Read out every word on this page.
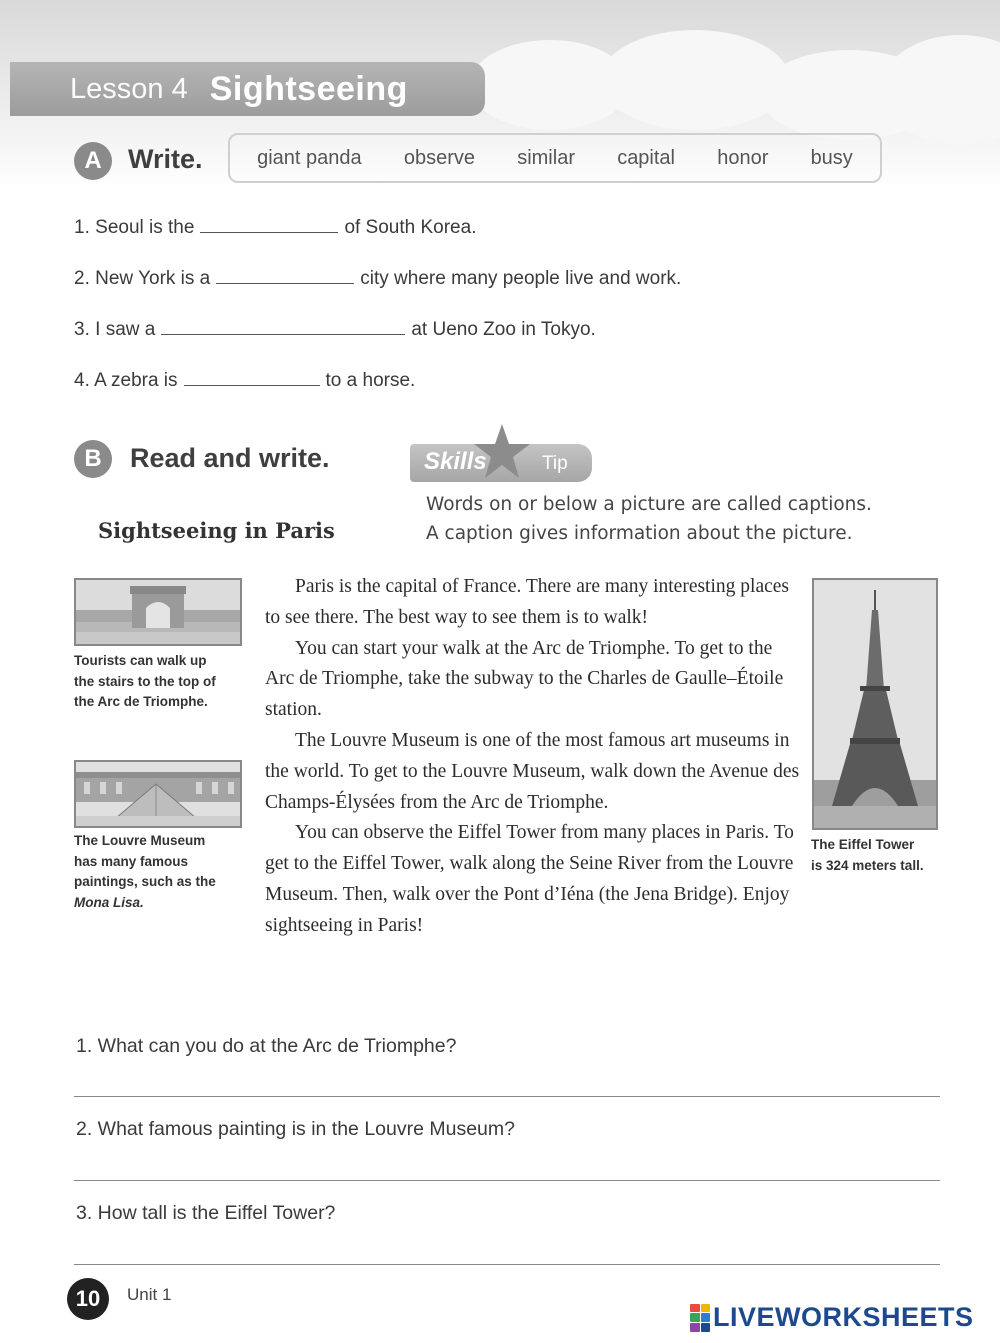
Lesson 4 Sightseeing
A Write.	giant panda observe similar capital honor busy
1. Seoul is the	of South Korea.
2. New York is a	city where many people live and work.
3. I saw a	at Ueno Zoo in Tokyo.
4. A zebra is	to a horse.
B	Read and write.	Skills	Tip
Words on or below a picture are called captions.
A caption gives information about the picture.
Sightseeing in Paris
Tourists can walk up
the stairs to the top of
the Arc de Triomphe.
The Louvre Museum
has many famous
paintings, such as the
Mona Lisa.
The Eiffel Tower
is 324 meters tall.

Paris is the capital of France. There are many interesting places to see there. The best way to see them is to walk!

You can start your walk at the Arc de Triomphe. To get to the Arc de Triomphe, take the subway to the Charles de Gaulle–Étoile station.

The Louvre Museum is one of the most famous art museums in the world. To get to the Louvre Museum, walk down the Avenue des Champs-Élysées from the Arc de Triomphe.

You can observe the Eiffel Tower from many places in Paris. To get to the Eiffel Tower, walk along the Seine River from the Louvre Museum. Then, walk over the Pont d’Iéna (the Jena Bridge). Enjoy sightseeing in Paris!

1. What can you do at the Arc de Triomphe?
2. What famous painting is in the Louvre Museum?
3. How tall is the Eiffel Tower?
10	Unit 1
LIVEWORKSHEETS
